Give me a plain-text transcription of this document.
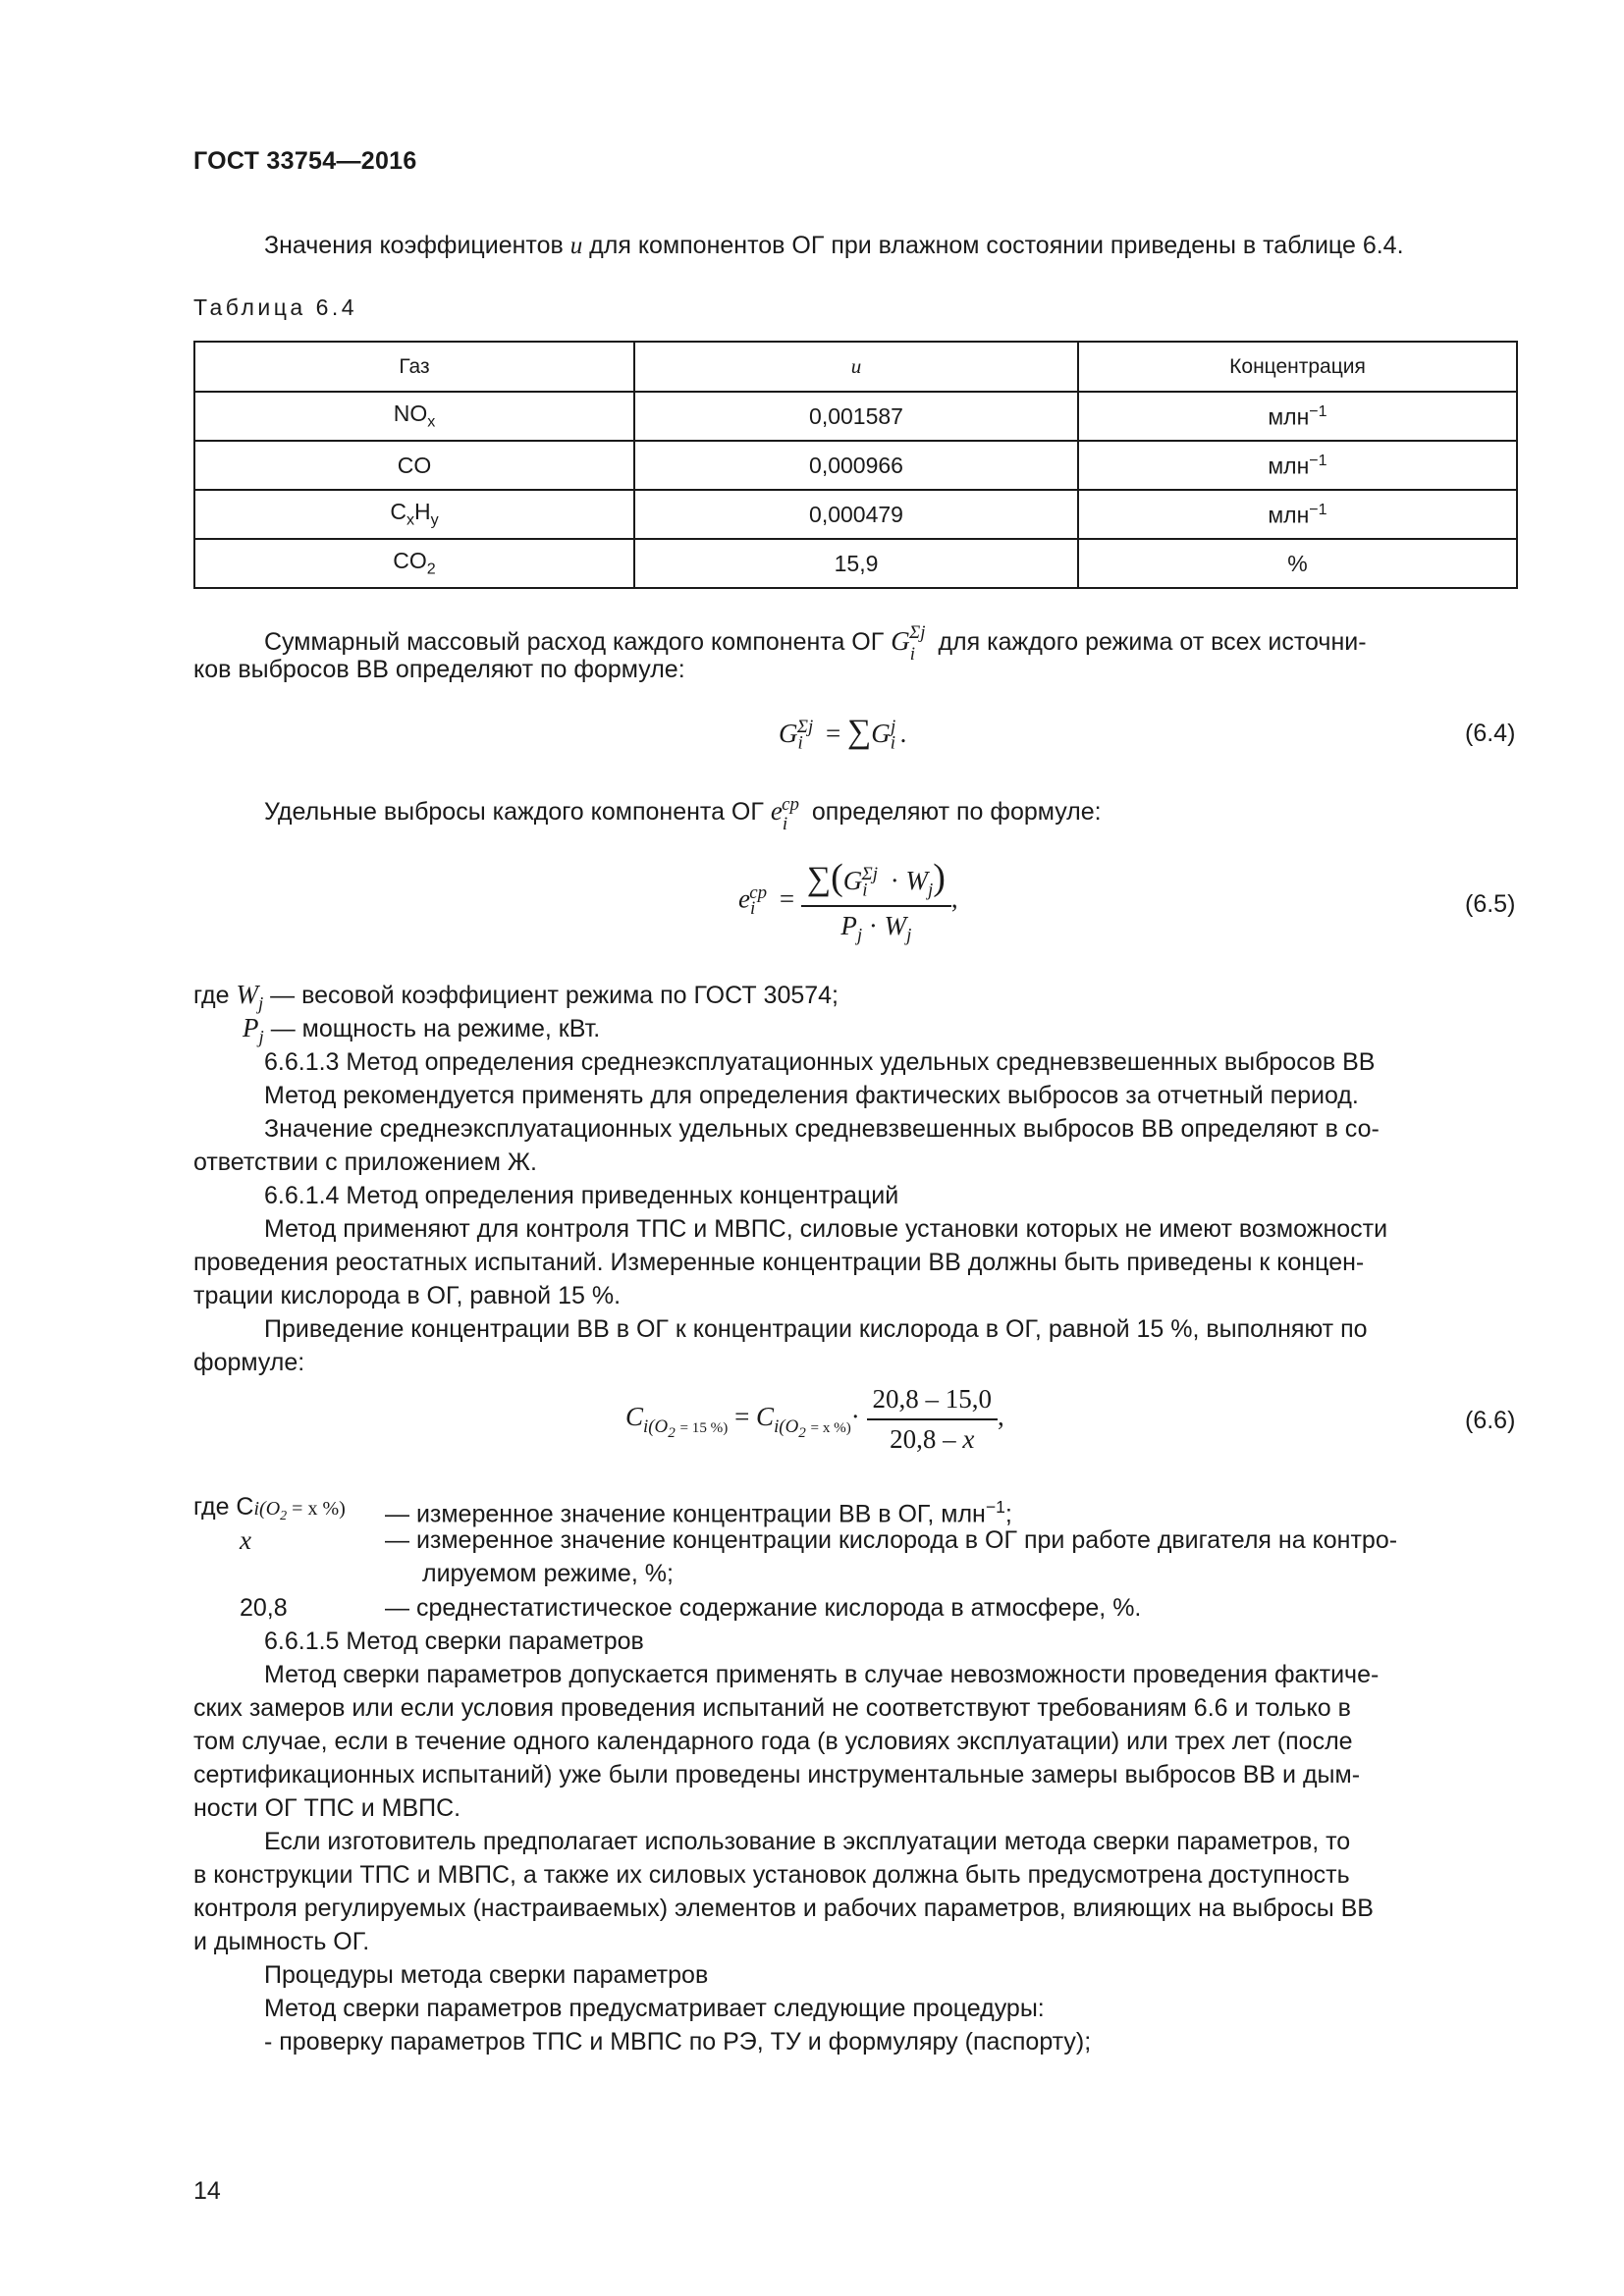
ГОСТ 33754—2016
Значения коэффициентов u для компонентов ОГ при влажном состоянии приведены в таблице 6.4.
Таблица 6.4
Газ	u	Концентрация
$NO_x$	0,001587	млн$^{-1}$
CO	0,000966	млн$^{-1}$
$C_xH_y$	0,000479	млн$^{-1}$
$CO_2$	15,9	%
Суммарный массовый расход каждого компонента ОГ $G_i^{\Sigma j}$ для каждого режима от всех источни-
ков выбросов ВВ определяют по формуле:
$G_i^{\Sigma j} = \sum G_i^j$ .	(6.4)
Удельные выбросы каждого компонента ОГ $e_i^{cp}$ определяют по формуле:
$e_i^{cp} = \frac{\sum(G_i^{\Sigma j} \cdot W_j)}{P_j \cdot W_j}$ ,	(6.5)
где $W_j$ — весовой коэффициент режима по ГОСТ 30574;
$P_j$ — мощность на режиме, кВт.
6.6.1.3 Метод определения среднеэксплуатационных удельных средневзвешенных выбросов ВВ
Метод рекомендуется применять для определения фактических выбросов за отчетный период.
Значение среднеэксплуатационных удельных средневзвешенных выбросов ВВ определяют в со-
ответствии с приложением Ж.
6.6.1.4 Метод определения приведенных концентраций
Метод применяют для контроля ТПС и МВПС, силовые установки которых не имеют возможности
проведения реостатных испытаний. Измеренные концентрации ВВ должны быть приведены к концен-
трации кислорода в ОГ, равной 15 %.
Приведение концентрации ВВ в ОГ к концентрации кислорода в ОГ, равной 15 %, выполняют по
формуле:
$C_{i(O_2 = 15 \%)} = C_{i(O_2 = x \%)}\cdot \frac{20,8 - 15,0}{20,8 - x}$ ,	(6.6)
где $Сi(O_2 = x$ %) — измеренное значение концентрации ВВ в ОГ, млн$^{-1}$;
x	— измеренное значение концентрации кислорода в ОГ при работе двигателя на контро-
лируемом режиме, %;
20,8	— среднестатистическое содержание кислорода в атмосфере, %.
6.6.1.5 Метод сверки параметров
Метод сверки параметров допускается применять в случае невозможности проведения фактиче-
ских замеров или если условия проведения испытаний не соответствуют требованиям 6.6 и только в
том случае, если в течение одного календарного года (в условиях эксплуатации) или трех лет (после
сертификационных испытаний) уже были проведены инструментальные замеры выбросов ВВ и дым-
ности ОГ ТПС и МВПС.
Если изготовитель предполагает использование в эксплуатации метода сверки параметров, то
в конструкции ТПС и МВПС, а также их силовых установок должна быть предусмотрена доступность
контроля регулируемых (настраиваемых) элементов и рабочих параметров, влияющих на выбросы ВВ
и дымность ОГ.
Процедуры метода сверки параметров
Метод сверки параметров предусматривает следующие процедуры:
- проверку параметров ТПС и МВПС по РЭ, ТУ и формуляру (паспорту);
14
